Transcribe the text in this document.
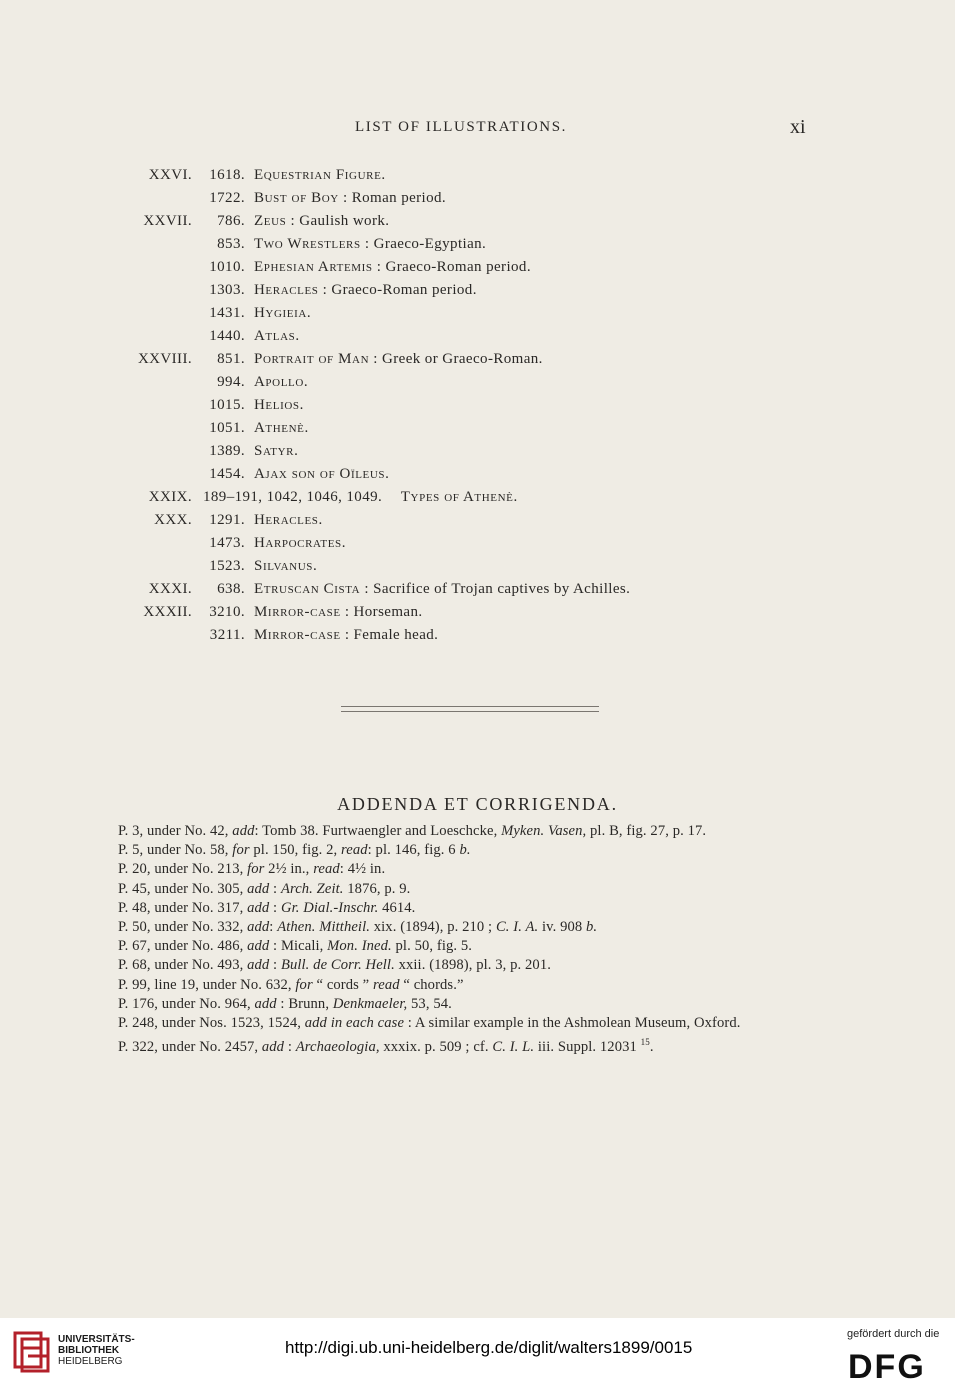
LIST OF ILLUSTRATIONS.	xi
XXVI. 1618. Equestrian Figure.
1722. Bust of Boy : Roman period.
XXVII. 786. Zeus : Gaulish work.
853. Two Wrestlers : Graeco-Egyptian.
1010. Ephesian Artemis : Graeco-Roman period.
1303. Heracles : Graeco-Roman period.
1431. Hygieia.
1440. Atlas.
XXVIII. 851. Portrait of Man : Greek or Graeco-Roman.
994. Apollo.
1015. Helios.
1051. Athenè.
1389. Satyr.
1454. Ajax son of Oïleus.
XXIX. 189–191, 1042, 1046, 1049. Types of Athenè.
XXX. 1291. Heracles.
1473. Harpocrates.
1523. Silvanus.
XXXI. 638. Etruscan Cista : Sacrifice of Trojan captives by Achilles.
XXXII. 3210. Mirror-case : Horseman.
3211. Mirror-case : Female head.
ADDENDA ET CORRIGENDA.
P. 3, under No. 42, add: Tomb 38. Furtwaengler and Loeschcke, Myken. Vasen, pl. B, fig. 27, p. 17.
P. 5, under No. 58, for pl. 150, fig. 2, read: pl. 146, fig. 6 b.
P. 20, under No. 213, for 2½ in., read: 4½ in.
P. 45, under No. 305, add : Arch. Zeit. 1876, p. 9.
P. 48, under No. 317, add : Gr. Dial.-Inschr. 4614.
P. 50, under No. 332, add: Athen. Mittheil. xix. (1894), p. 210 ; C. I. A. iv. 908 b.
P. 67, under No. 486, add : Micali, Mon. Ined. pl. 50, fig. 5.
P. 68, under No. 493, add : Bull. de Corr. Hell. xxii. (1898), pl. 3, p. 201.
P. 99, line 19, under No. 632, for “ cords ” read “ chords.”
P. 176, under No. 964, add : Brunn, Denkmaeler, 53, 54.
P. 248, under Nos. 1523, 1524, add in each case : A similar example in the Ashmolean Museum, Oxford.
P. 322, under No. 2457, add : Archaeologia, xxxix. p. 509 ; cf. C. I. L. iii. Suppl. 12031 $^{15}$.
UNIVERSITÄTS-
BIBLIOTHEK
HEIDELBERG
http://digi.ub.uni-heidelberg.de/diglit/walters1899/0015
gefördert durch die
DFG
